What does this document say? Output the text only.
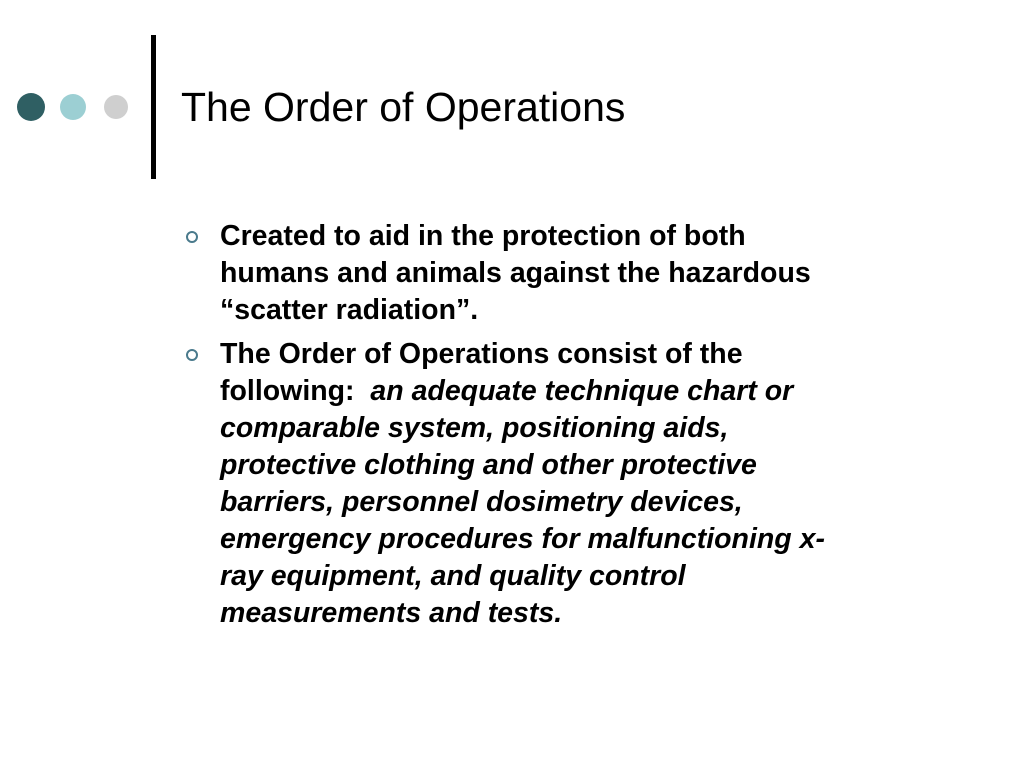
The Order of Operations
Created to aid in the protection of both
humans and animals against the hazardous
“scatter radiation”.
The Order of Operations consist of the
following:  an adequate technique chart or
comparable system, positioning aids,
protective clothing and other protective
barriers, personnel dosimetry devices,
emergency procedures for malfunctioning x-
ray equipment, and quality control
measurements and tests.
